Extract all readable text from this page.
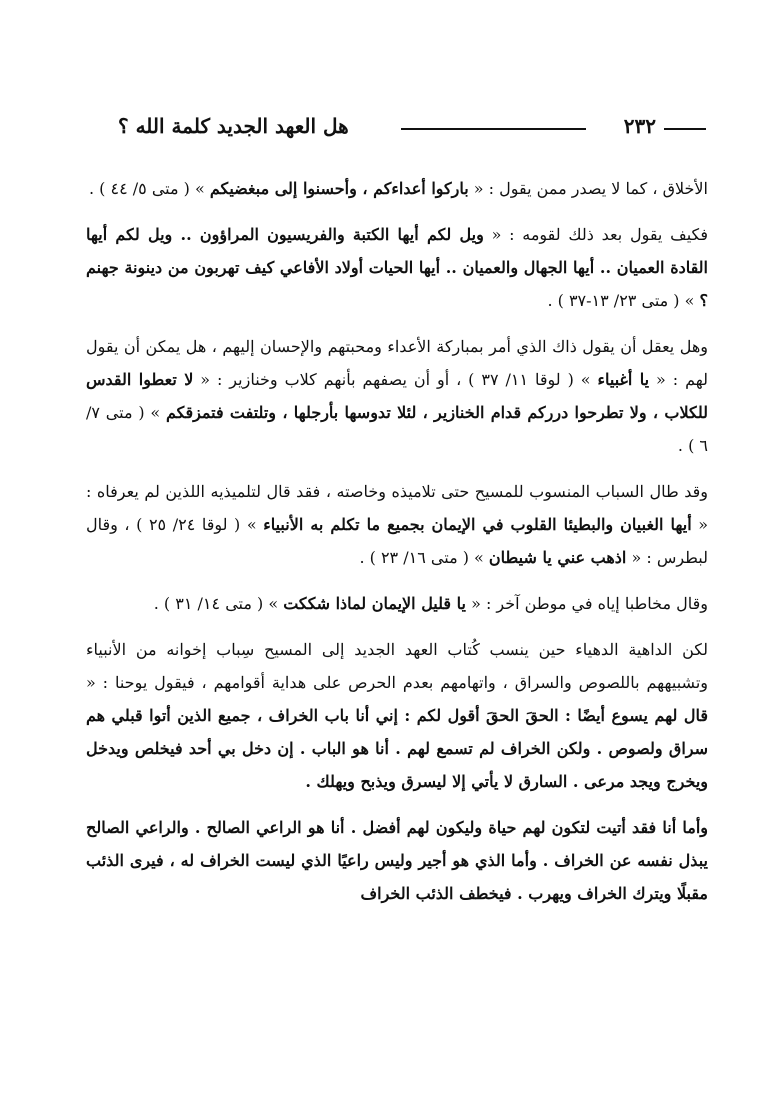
٢٣٢
هل العهد الجديد كلمة الله ؟

الأخلاق ، كما لا يصدر ممن يقول : « باركوا أعداءكم ، وأحسنوا إلى مبغضيكم » ( متى ٥/ ٤٤ ) .

فكيف يقول بعد ذلك لقومه : « ويل لكم أيها الكتبة والفريسيون المراؤون .. ويل لكم أيها القادة العميان .. أيها الجهال والعميان .. أيها الحيات أولاد الأفاعي كيف تهربون من دينونة جهنم ؟ » ( متى ٢٣/ ١٣-٣٧ ) .

وهل يعقل أن يقول ذاك الذي أمر بمباركة الأعداء ومحبتهم والإحسان إليهم ، هل يمكن أن يقول لهم : « يا أغبياء » ( لوقا ١١/ ٣٧ ) ، أو أن يصفهم بأنهم كلاب وخنازير : « لا تعطوا القدس للكلاب ، ولا تطرحوا درركم قدام الخنازير ، لئلا تدوسها بأرجلها ، وتلتفت فتمزقكم » ( متى ٧/ ٦ ) .

وقد طال السباب المنسوب للمسيح حتى تلاميذه وخاصته ، فقد قال لتلميذيه اللذين لم يعرفاه : « أيها الغبيان والبطيئا القلوب في الإيمان بجميع ما تكلم به الأنبياء » ( لوقا ٢٤/ ٢٥ ) ، وقال لبطرس : « اذهب عني يا شيطان » ( متى ١٦/ ٢٣ ) .

وقال مخاطبا إياه في موطن آخر : « يا قليل الإيمان لماذا شككت » ( متى ١٤/ ٣١ ) .

لكن الداهية الدهياء حين ينسب كُتاب العهد الجديد إلى المسيح سِباب إخوانه من الأنبياء وتشبيههم باللصوص والسراق ، واتهامهم بعدم الحرص على هداية أقوامهم ، فيقول يوحنا : « قال لهم يسوع أيضًا : الحقَ الحقَ أقول لكم : إني أنا باب الخراف ، جميع الذين أتوا قبلي هم سراق ولصوص . ولكن الخراف لم تسمع لهم . أنا هو الباب . إن دخل بي أحد فيخلص ويدخل ويخرج ويجد مرعى . السارق لا يأتي إلا ليسرق ويذبح ويهلك .

وأما أنا فقد أتيت لتكون لهم حياة وليكون لهم أفضل . أنا هو الراعي الصالح . والراعي الصالح يبذل نفسه عن الخراف . وأما الذي هو أجير وليس راعيًا الذي ليست الخراف له ، فيرى الذئب مقبلًا ويترك الخراف ويهرب . فيخطف الذئب الخراف
